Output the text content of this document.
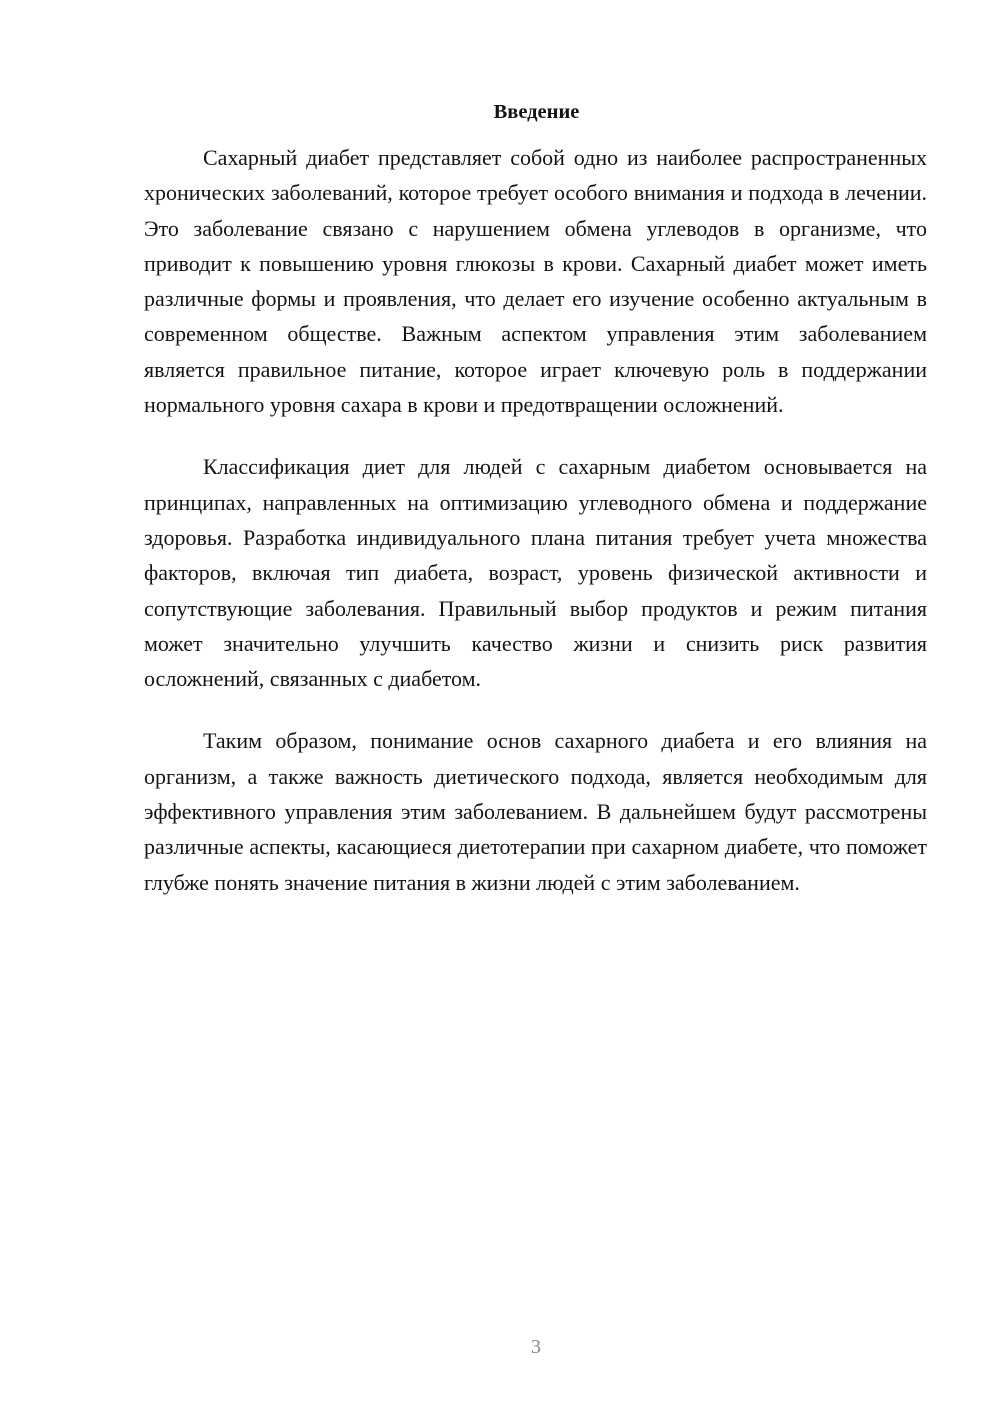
Введение

Сахарный диабет представляет собой одно из наиболее распространенных хронических заболеваний, которое требует особого внимания и подхода в лечении. Это заболевание связано с нарушением обмена углеводов в организме, что приводит к повышению уровня глюкозы в крови. Сахарный диабет может иметь различные формы и проявления, что делает его изучение особенно актуальным в современном обществе. Важным аспектом управления этим заболеванием является правильное питание, которое играет ключевую роль в поддержании нормального уровня сахара в крови и предотвращении осложнений.

Классификация диет для людей с сахарным диабетом основывается на принципах, направленных на оптимизацию углеводного обмена и поддержание здоровья. Разработка индивидуального плана питания требует учета множества факторов, включая тип диабета, возраст, уровень физической активности и сопутствующие заболевания. Правильный выбор продуктов и режим питания может значительно улучшить качество жизни и снизить риск развития осложнений, связанных с диабетом.

Таким образом, понимание основ сахарного диабета и его влияния на организм, а также важность диетического подхода, является необходимым для эффективного управления этим заболеванием. В дальнейшем будут рассмотрены различные аспекты, касающиеся диетотерапии при сахарном диабете, что поможет глубже понять значение питания в жизни людей с этим заболеванием.

3
